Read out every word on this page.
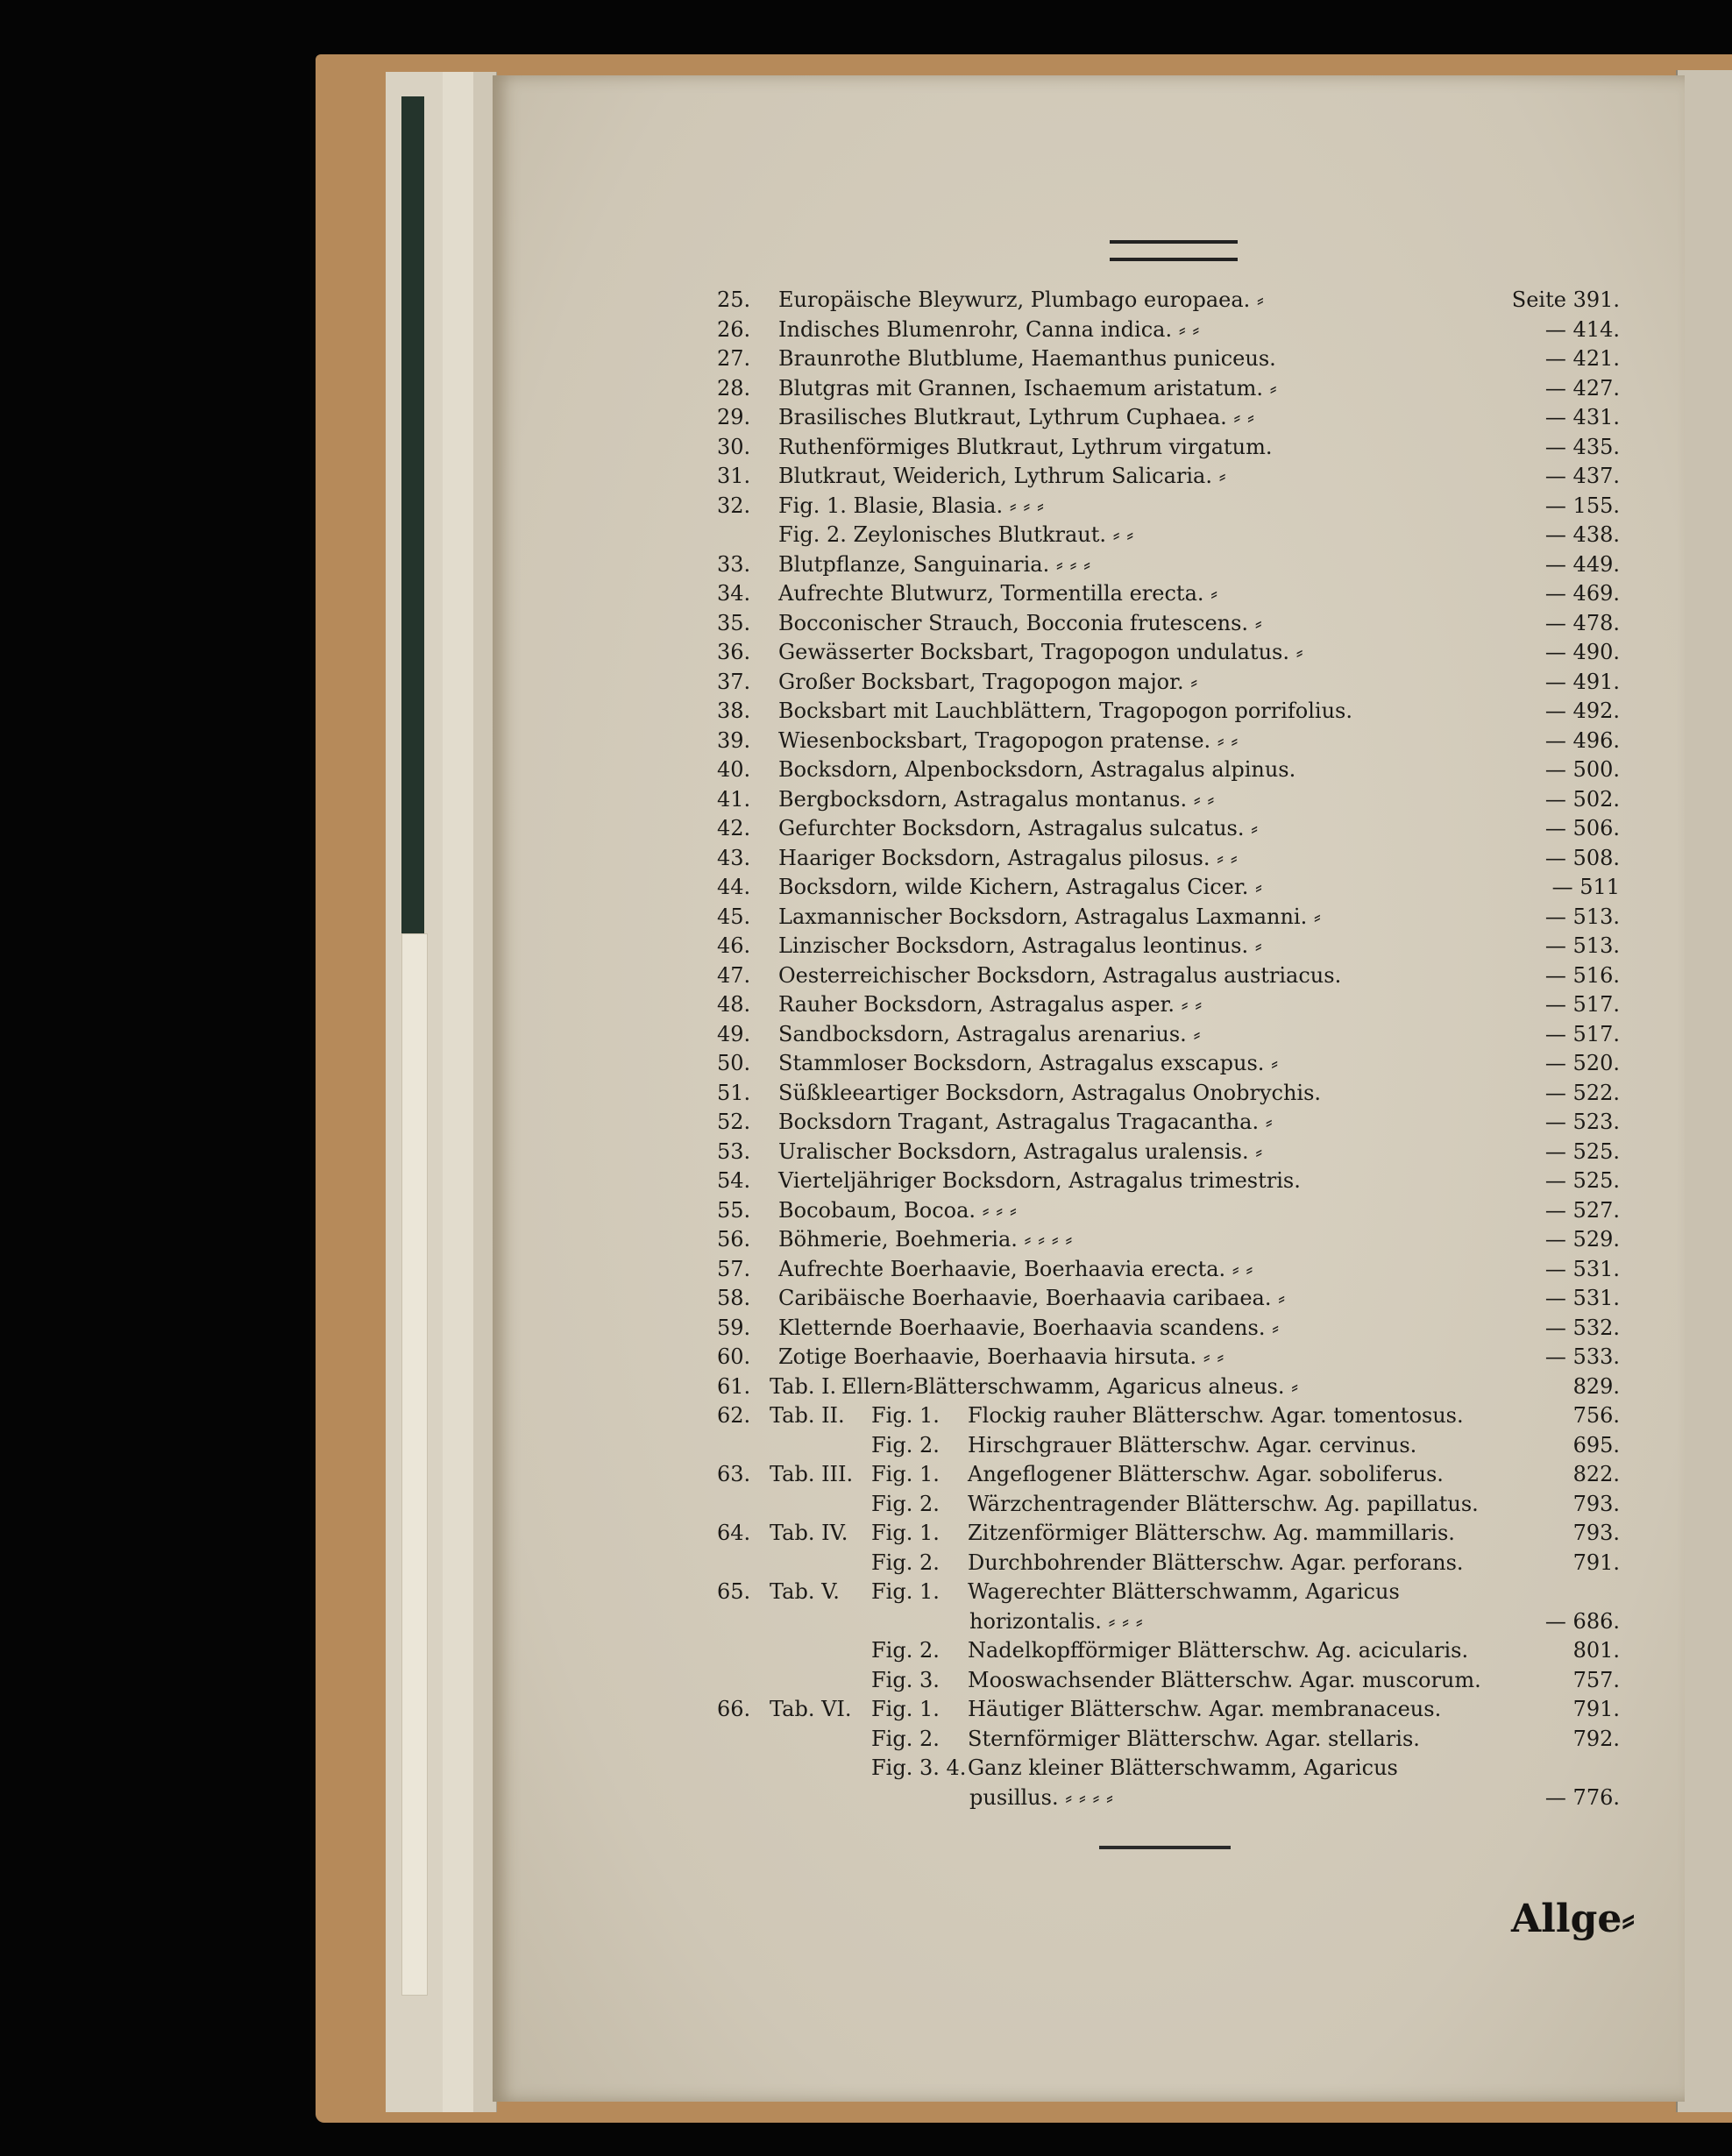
25.	Europäische Bleywurz, Plumbago europaea. ⸗	Seite 391.
26.	Indisches Blumenrohr, Canna indica. ⸗ ⸗	— 414.
27.	Braunrothe Blutblume, Haemanthus puniceus.	— 421.
28.	Blutgras mit Grannen, Ischaemum aristatum. ⸗	— 427.
29.	Brasilisches Blutkraut, Lythrum Cuphaea. ⸗ ⸗	— 431.
30.	Ruthenförmiges Blutkraut, Lythrum virgatum.	— 435.
31.	Blutkraut, Weiderich, Lythrum Salicaria. ⸗	— 437.
32.	Fig. 1. Blasie, Blasia. ⸗ ⸗ ⸗	— 155.
Fig. 2. Zeylonisches Blutkraut. ⸗ ⸗	— 438.
33.	Blutpflanze, Sanguinaria. ⸗ ⸗ ⸗	— 449.
34.	Aufrechte Blutwurz, Tormentilla erecta. ⸗	— 469.
35.	Bocconischer Strauch, Bocconia frutescens. ⸗	— 478.
36.	Gewässerter Bocksbart, Tragopogon undulatus. ⸗	— 490.
37.	Großer Bocksbart, Tragopogon major. ⸗	— 491.
38.	Bocksbart mit Lauchblättern, Tragopogon porrifolius.	— 492.
39.	Wiesenbocksbart, Tragopogon pratense. ⸗ ⸗	— 496.
40.	Bocksdorn, Alpenbocksdorn, Astragalus alpinus.	— 500.
41.	Bergbocksdorn, Astragalus montanus. ⸗ ⸗	— 502.
42.	Gefurchter Bocksdorn, Astragalus sulcatus. ⸗	— 506.
43.	Haariger Bocksdorn, Astragalus pilosus. ⸗ ⸗	— 508.
44.	Bocksdorn, wilde Kichern, Astragalus Cicer. ⸗	— 511
45.	Laxmannischer Bocksdorn, Astragalus Laxmanni. ⸗	— 513.
46.	Linzischer Bocksdorn, Astragalus leontinus. ⸗	— 513.
47.	Oesterreichischer Bocksdorn, Astragalus austriacus.	— 516.
48.	Rauher Bocksdorn, Astragalus asper. ⸗ ⸗	— 517.
49.	Sandbocksdorn, Astragalus arenarius. ⸗	— 517.
50.	Stammloser Bocksdorn, Astragalus exscapus. ⸗	— 520.
51.	Süßkleeartiger Bocksdorn, Astragalus Onobrychis.	— 522.
52.	Bocksdorn Tragant, Astragalus Tragacantha. ⸗	— 523.
53.	Uralischer Bocksdorn, Astragalus uralensis. ⸗	— 525.
54.	Vierteljähriger Bocksdorn, Astragalus trimestris.	— 525.
55.	Bocobaum, Bocoa. ⸗ ⸗ ⸗	— 527.
56.	Böhmerie, Boehmeria. ⸗ ⸗ ⸗ ⸗	— 529.
57.	Aufrechte Boerhaavie, Boerhaavia erecta. ⸗ ⸗	— 531.
58.	Caribäische Boerhaavie, Boerhaavia caribaea. ⸗	— 531.
59.	Kletternde Boerhaavie, Boerhaavia scandens. ⸗	— 532.
60.	Zotige Boerhaavie, Boerhaavia hirsuta. ⸗ ⸗	— 533.
61. Tab. I. Ellern⸗Blätterschwamm, Agaricus alneus. ⸗	829.
62. Tab. II. Fig. 1. Flockig rauher Blätterschw. Agar. tomentosus.	756.
Fig. 2. Hirschgrauer Blätterschw. Agar. cervinus.	695.
63. Tab. III. Fig. 1. Angeflogener Blätterschw. Agar. soboliferus.	822.
Fig. 2. Wärzchentragender Blätterschw. Ag. papillatus.	793.
64. Tab. IV. Fig. 1. Zitzenförmiger Blätterschw. Ag. mammillaris.	793.
Fig. 2. Durchbohrender Blätterschw. Agar. perforans.	791.
65. Tab. V. Fig. 1. Wagerechter Blätterschwamm, Agaricus
horizontalis. ⸗ ⸗ ⸗	— 686.
Fig. 2. Nadelkopfförmiger Blätterschw. Ag. acicularis.	801.
Fig. 3. Mooswachsender Blätterschw. Agar. muscorum.	757.
66. Tab. VI. Fig. 1. Häutiger Blätterschw. Agar. membranaceus.	791.
Fig. 2. Sternförmiger Blätterschw. Agar. stellaris.	792.
Fig. 3. 4. Ganz kleiner Blätterschwamm, Agaricus
pusillus. ⸗ ⸗ ⸗ ⸗	— 776.
Allge⸗
